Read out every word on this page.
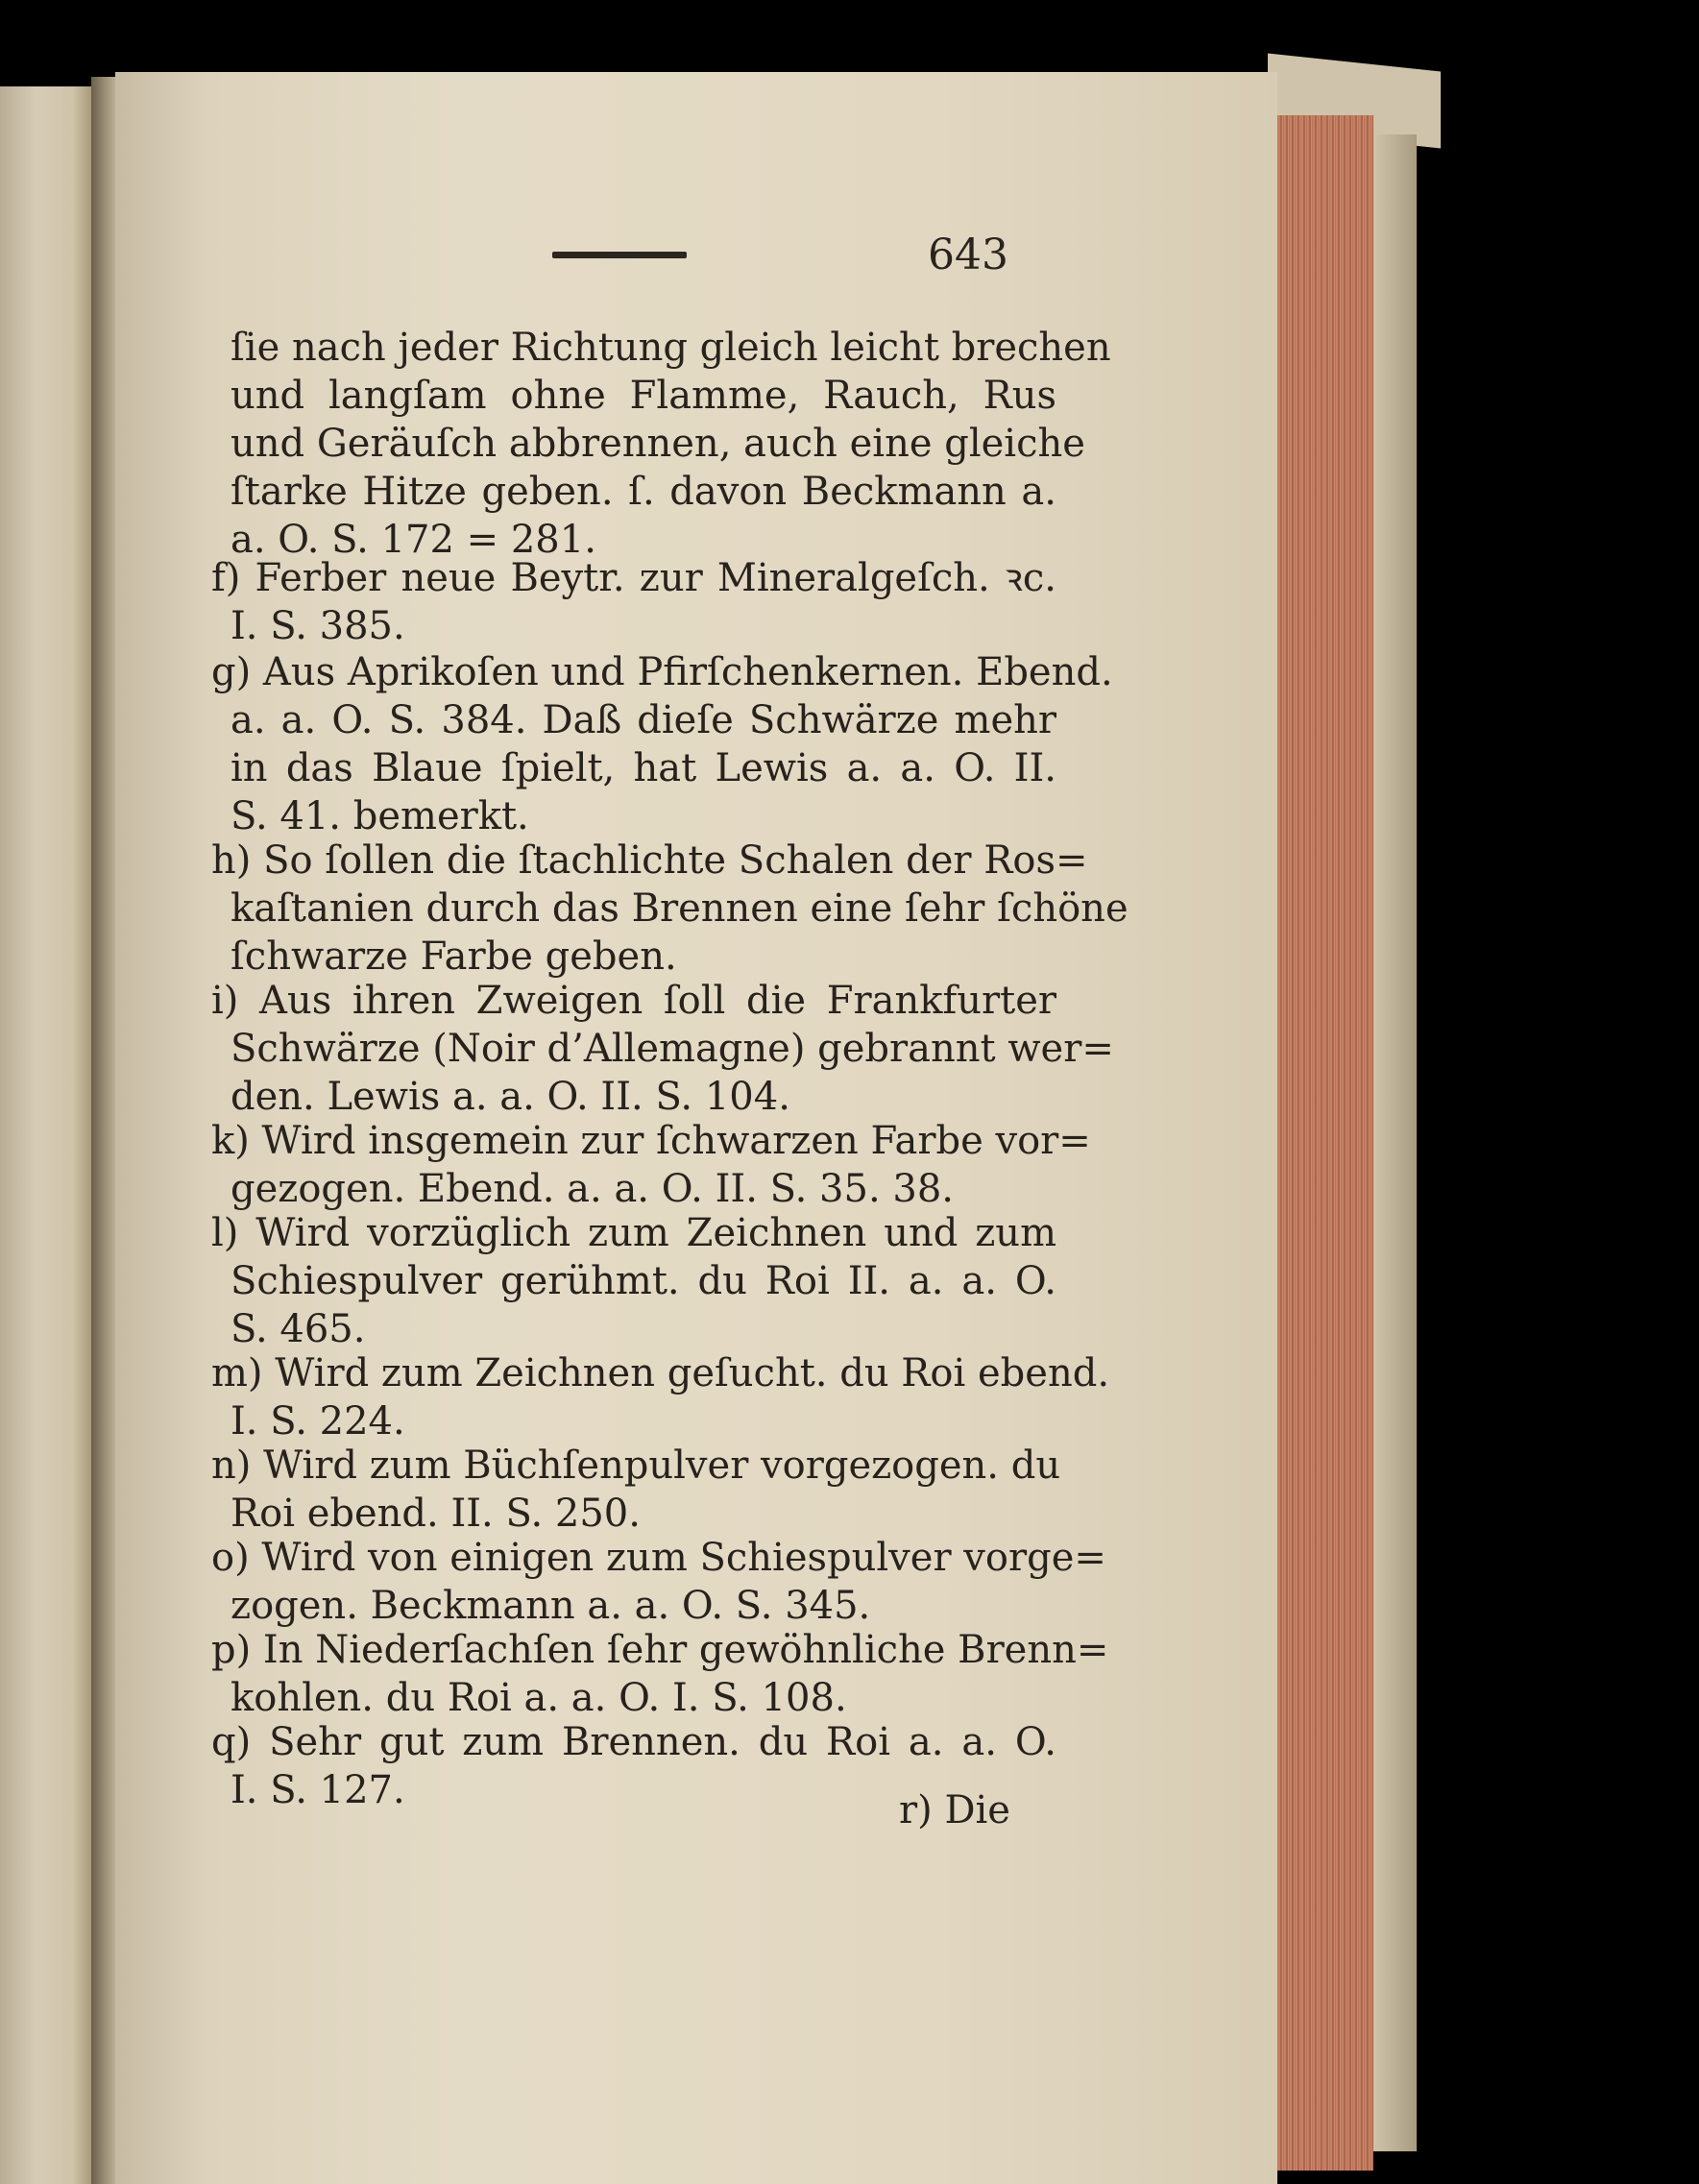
643
ſie nach jeder Richtung gleich leicht brechen
und langſam ohne Flamme, Rauch, Rus
und Geräuſch abbrennen, auch eine gleiche
ſtarke Hitze geben. ſ. davon Beckmann a.
a. O. S. 172 = 281.
f) Ferber neue Beytr. zur Mineralgeſch. ꝛc.
I. S. 385.
g) Aus Aprikoſen und Pfirſchenkernen. Ebend.
a. a. O. S. 384. Daß dieſe Schwärze mehr
in das Blaue ſpielt, hat Lewis a. a. O. II.
S. 41. bemerkt.
h) So ſollen die ſtachlichte Schalen der Ros=
kaſtanien durch das Brennen eine ſehr ſchöne
ſchwarze Farbe geben.
i) Aus ihren Zweigen ſoll die Frankfurter
Schwärze (Noir d’Allemagne) gebrannt wer=
den. Lewis a. a. O. II. S. 104.
k) Wird insgemein zur ſchwarzen Farbe vor=
gezogen. Ebend. a. a. O. II. S. 35. 38.
l) Wird vorzüglich zum Zeichnen und zum
Schiespulver gerühmt. du Roi II. a. a. O.
S. 465.
m) Wird zum Zeichnen geſucht. du Roi ebend.
I. S. 224.
n) Wird zum Büchſenpulver vorgezogen. du
Roi ebend. II. S. 250.
o) Wird von einigen zum Schiespulver vorge=
zogen. Beckmann a. a. O. S. 345.
p) In Niederſachſen ſehr gewöhnliche Brenn=
kohlen. du Roi a. a. O. I. S. 108.
q) Sehr gut zum Brennen. du Roi a. a. O.
I. S. 127.	r) Die
